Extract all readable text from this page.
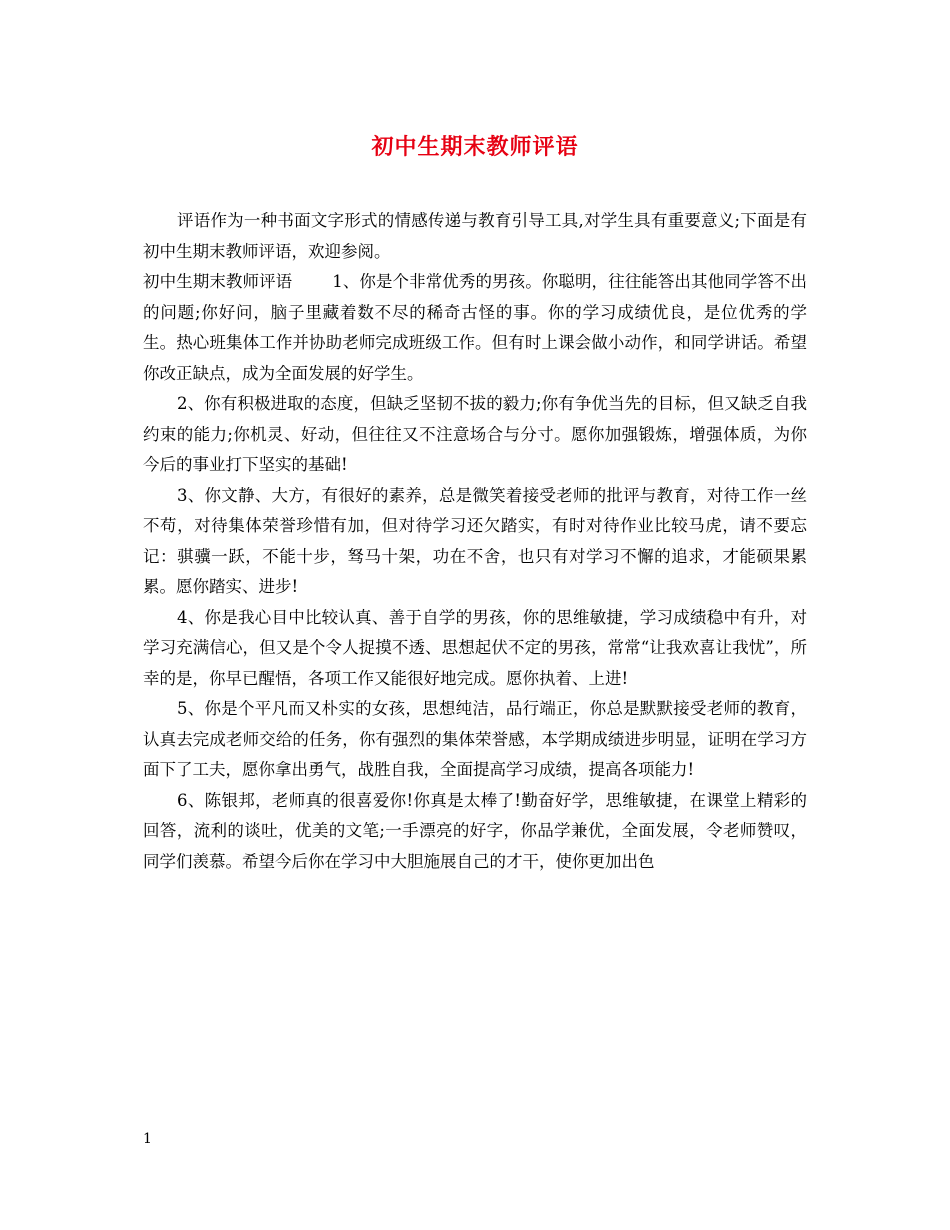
初中生期末教师评语

评语作为一种书面文字形式的情感传递与教育引导工具,对学生具有重要意义;下面是有初中生期末教师评语，欢迎参阅。

初中生期末教师评语 1、你是个非常优秀的男孩。你聪明，往往能答出其他同学答不出的问题;你好问，脑子里藏着数不尽的稀奇古怪的事。你的学习成绩优良，是位优秀的学生。热心班集体工作并协助老师完成班级工作。但有时上课会做小动作，和同学讲话。希望你改正缺点，成为全面发展的好学生。

2、你有积极进取的态度，但缺乏坚韧不拔的毅力;你有争优当先的目标，但又缺乏自我约束的能力;你机灵、好动，但往往又不注意场合与分寸。愿你加强锻炼，增强体质，为你今后的事业打下坚实的基础!

3、你文静、大方，有很好的素养，总是微笑着接受老师的批评与教育，对待工作一丝不苟，对待集体荣誉珍惜有加，但对待学习还欠踏实，有时对待作业比较马虎，请不要忘记：骐骥一跃，不能十步，驽马十架，功在不舍，也只有对学习不懈的追求，才能硕果累累。愿你踏实、进步!

4、你是我心目中比较认真、善于自学的男孩，你的思维敏捷，学习成绩稳中有升，对学习充满信心，但又是个令人捉摸不透、思想起伏不定的男孩，常常“让我欢喜让我忧”，所幸的是，你早已醒悟，各项工作又能很好地完成。愿你执着、上进!

5、你是个平凡而又朴实的女孩，思想纯洁，品行端正，你总是默默接受老师的教育，认真去完成老师交给的任务，你有强烈的集体荣誉感，本学期成绩进步明显，证明在学习方面下了工夫，愿你拿出勇气，战胜自我，全面提高学习成绩，提高各项能力!

6、陈银邦，老师真的很喜爱你!你真是太棒了!勤奋好学，思维敏捷，在课堂上精彩的回答，流利的谈吐，优美的文笔;一手漂亮的好字，你品学兼优，全面发展，令老师赞叹，同学们羡慕。希望今后你在学习中大胆施展自己的才干，使你更加出色

1
